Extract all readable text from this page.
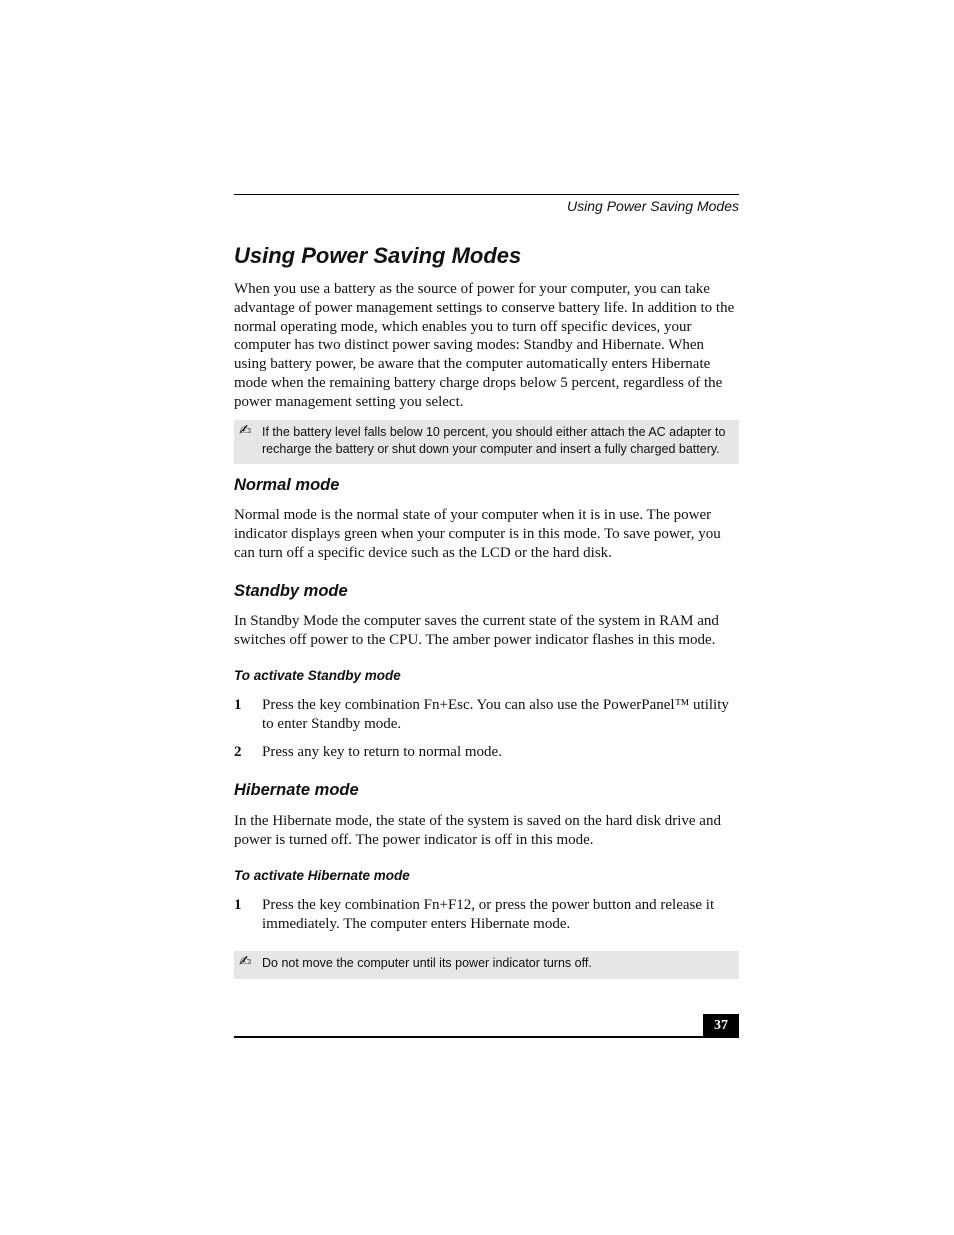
Using Power Saving Modes
Using Power Saving Modes

When you use a battery as the source of power for your computer, you can take advantage of power management settings to conserve battery life. In addition to the normal operating mode, which enables you to turn off specific devices, your computer has two distinct power saving modes: Standby and Hibernate. When using battery power, be aware that the computer automatically enters Hibernate mode when the remaining battery charge drops below 5 percent, regardless of the power management setting you select.

✍ If the battery level falls below 10 percent, you should either attach the AC adapter to recharge the battery or shut down your computer and insert a fully charged battery.
Normal mode

Normal mode is the normal state of your computer when it is in use. The power indicator displays green when your computer is in this mode. To save power, you can turn off a specific device such as the LCD or the hard disk.

Standby mode

In Standby Mode the computer saves the current state of the system in RAM and switches off power to the CPU. The amber power indicator flashes in this mode.

To activate Standby mode
1 Press the key combination Fn+Esc. You can also use the PowerPanel™ utility to enter Standby mode.
2 Press any key to return to normal mode.
Hibernate mode

In the Hibernate mode, the state of the system is saved on the hard disk drive and power is turned off. The power indicator is off in this mode.

To activate Hibernate mode
1 Press the key combination Fn+F12, or press the power button and release it immediately. The computer enters Hibernate mode.
✍ Do not move the computer until its power indicator turns off.
37
